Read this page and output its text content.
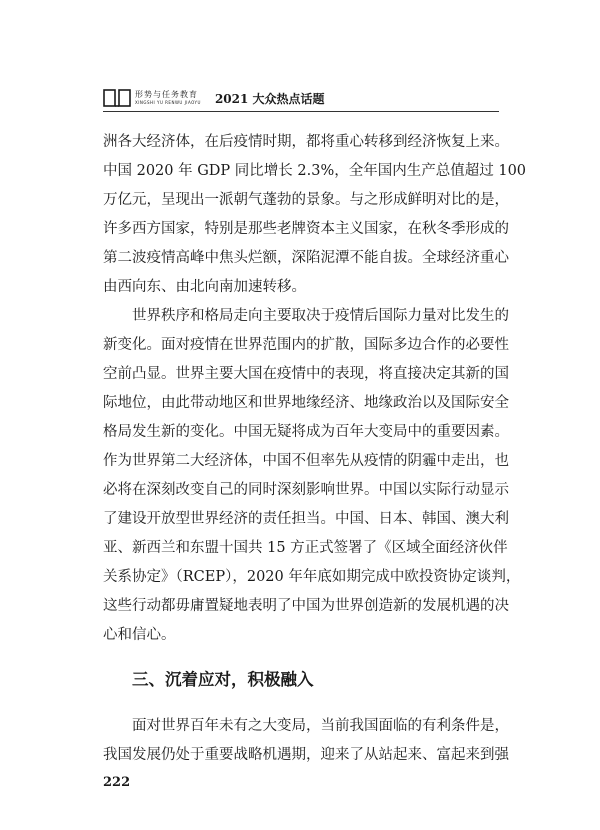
形势与任务教育
XINGSHI YU RENWU JIAOYU 2021 大众热点话题
洲各大经济体，在后疫情时期，都将重心转移到经济恢复上来。
中国 2020 年 GDP 同比增长 2.3%，全年国内生产总值超过 100
万亿元，呈现出一派朝气蓬勃的景象。与之形成鲜明对比的是，
许多西方国家，特别是那些老牌资本主义国家，在秋冬季形成的
第二波疫情高峰中焦头烂额，深陷泥潭不能自拔。全球经济重心
由西向东、由北向南加速转移。
世界秩序和格局走向主要取决于疫情后国际力量对比发生的
新变化。面对疫情在世界范围内的扩散，国际多边合作的必要性
空前凸显。世界主要大国在疫情中的表现，将直接决定其新的国
际地位，由此带动地区和世界地缘经济、地缘政治以及国际安全
格局发生新的变化。中国无疑将成为百年大变局中的重要因素。
作为世界第二大经济体，中国不但率先从疫情的阴霾中走出，也
必将在深刻改变自己的同时深刻影响世界。中国以实际行动显示
了建设开放型世界经济的责任担当。中国、日本、韩国、澳大利
亚、新西兰和东盟十国共 15 方正式签署了《区域全面经济伙伴
关系协定》（RCEP），2020 年年底如期完成中欧投资协定谈判，
这些行动都毋庸置疑地表明了中国为世界创造新的发展机遇的决
心和信心。
三、沉着应对，积极融入
面对世界百年未有之大变局，当前我国面临的有利条件是，
我国发展仍处于重要战略机遇期，迎来了从站起来、富起来到强
222
